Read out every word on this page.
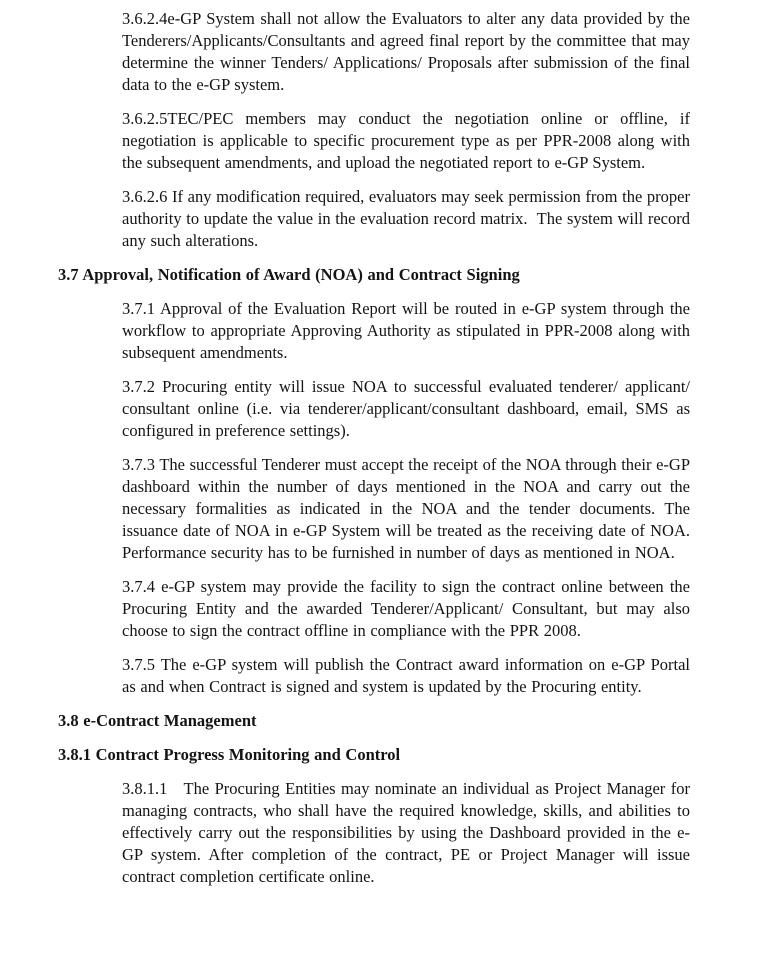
3.6.2.4e-GP System shall not allow the Evaluators to alter any data provided by the Tenderers/Applicants/Consultants and agreed final report by the committee that may determine the winner Tenders/ Applications/ Proposals after submission of the final data to the e-GP system.
3.6.2.5TEC/PEC members may conduct the negotiation online or offline, if negotiation is applicable to specific procurement type as per PPR-2008 along with the subsequent amendments, and upload the negotiated report to e-GP System.
3.6.2.6 If any modification required, evaluators may seek permission from the proper authority to update the value in the evaluation record matrix.  The system will record any such alterations.
3.7 Approval, Notification of Award (NOA) and Contract Signing
3.7.1 Approval of the Evaluation Report will be routed in e-GP system through the workflow to appropriate Approving Authority as stipulated in PPR-2008 along with subsequent amendments.
3.7.2 Procuring entity will issue NOA to successful evaluated tenderer/ applicant/ consultant online (i.e. via tenderer/applicant/consultant dashboard, email, SMS as configured in preference settings).
3.7.3 The successful Tenderer must accept the receipt of the NOA through their e-GP dashboard within the number of days mentioned in the NOA and carry out the necessary formalities as indicated in the NOA and the tender documents. The issuance date of NOA in e-GP System will be treated as the receiving date of NOA. Performance security has to be furnished in number of days as mentioned in NOA.
3.7.4 e-GP system may provide the facility to sign the contract online between the Procuring Entity and the awarded Tenderer/Applicant/ Consultant, but may also choose to sign the contract offline in compliance with the PPR 2008.
3.7.5 The e-GP system will publish the Contract award information on e-GP Portal as and when Contract is signed and system is updated by the Procuring entity.
3.8 e-Contract Management
3.8.1 Contract Progress Monitoring and Control
3.8.1.1   The Procuring Entities may nominate an individual as Project Manager for managing contracts, who shall have the required knowledge, skills, and abilities to effectively carry out the responsibilities by using the Dashboard provided in the e-GP system. After completion of the contract, PE or Project Manager will issue contract completion certificate online.
